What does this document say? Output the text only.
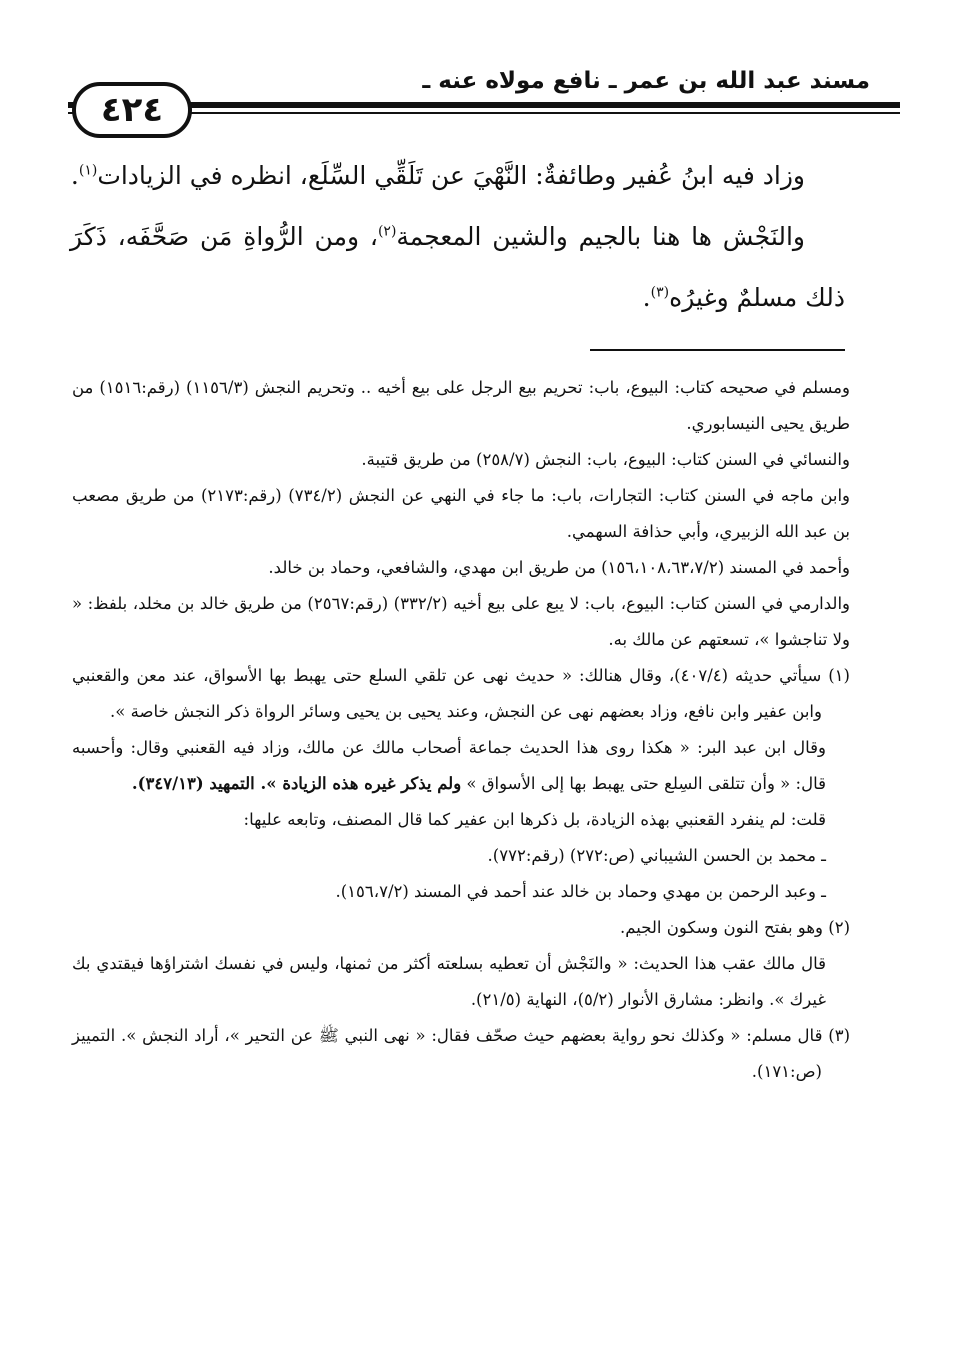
مسند عبد الله بن عمر ـ نافع مولاه عنه ـ
٤٢٤

وزاد فيه ابنُ عُفير وطائفةٌ: النَّهْيَ عن تَلَقِّي السِّلَع، انظره في الزيادات$^{(١)}$.

والنَجْش ها هنا بالجيم والشين المعجمة$^{(٢)}$، ومن الرُّواةِ مَن صَحَّفَه، ذَكَرَ ذلك مسلمٌ وغيرُه$^{(٣)}$.

ومسلم في صحيحه كتاب: البيوع، باب: تحريم بيع الرجل على بيع أخيه .. وتحريم النجش (١١٥٦/٣) (رقم:١٥١٦) من طريق يحيى النيسابوري.

والنسائي في السنن كتاب: البيوع، باب: النجش (٢٥٨/٧) من طريق قتيبة.

وابن ماجه في السنن كتاب: التجارات، باب: ما جاء في النهي عن النجش (٧٣٤/٢) (رقم:٢١٧٣) من طريق مصعب بن عبد الله الزبيري، وأبي حذافة السهمي.

وأحمد في المسند (١٥٦،١٠٨،٦٣،٧/٢) من طريق ابن مهدي، والشافعي، وحماد بن خالد.

والدارمي في السنن كتاب: البيوع، باب: لا يبع على بيع أخيه (٣٣٢/٢) (رقم:٢٥٦٧) من طريق خالد بن مخلد، بلفظ: « ولا تناجشوا »، تسعتهم عن مالك به.

(١) سيأتي حديثه (٤٠٧/٤)، وقال هنالك: « حديث نهى عن تلقي السلع حتى يهبط بها الأسواق، عند معن والقعنبي وابن عفير وابن نافع، وزاد بعضهم نهى عن النجش، وعند يحيى بن يحيى وسائر الرواة ذكر النجش خاصة ».

وقال ابن عبد البر: « هكذا روى هذا الحديث جماعة أصحاب مالك عن مالك، وزاد فيه القعنبي وقال: وأحسبه قال: « وأن تتلقى السِلع حتى يهبط بها إلى الأسواق » ولم يذكر غيره هذه الزيادة ». التمهيد (٣٤٧/١٣).

قلت: لم ينفرد القعنبي بهذه الزيادة، بل ذكرها ابن عفير كما قال المصنف، وتابعه عليها:

ـ محمد بن الحسن الشيباني (ص:٢٧٢) (رقم:٧٧٢).

ـ وعبد الرحمن بن مهدي وحماد بن خالد عند أحمد في المسند (١٥٦،٧/٢).

(٢) وهو بفتح النون وسكون الجيم.

قال مالك عقب هذا الحديث: « والنَجْش أن تعطيه بسلعته أكثر من ثمنها، وليس في نفسك اشتراؤها فيقتدي بك غيرك ». وانظر: مشارق الأنوار (٥/٢)، النهاية (٢١/٥).

(٣) قال مسلم: « وكذلك نحو رواية بعضهم حيث صحّف فقال: « نهى النبي ﷺ عن التحير »، أراد النجش ». التمييز (ص:١٧١).
